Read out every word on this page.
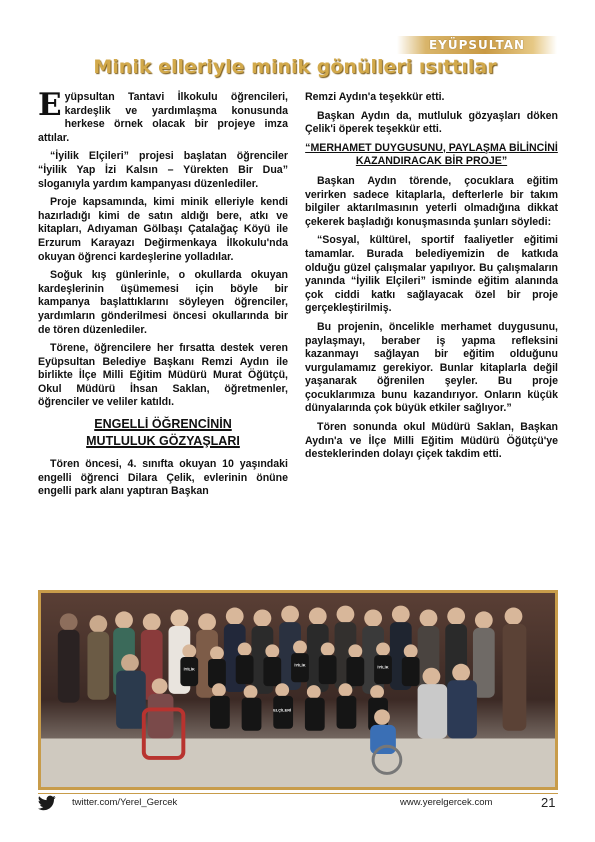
EYÜPSULTAN
Minik elleriyle minik gönülleri ısıttılar

Eyüpsultan Tantavi İlkokulu öğrencileri, kardeşlik ve yardımlaşma konusunda herkese örnek olacak bir projeye imza attılar.

“İyilik Elçileri” projesi başlatan öğrenciler “İyilik Yap İzi Kalsın – Yürekten Bir Dua” sloganıyla yardım kampanyası düzenlediler.

Proje kapsamında, kimi minik elleriyle kendi hazırladığı kimi de satın aldığı bere, atkı ve kitapları, Adıyaman Gölbaşı Çatalağaç Köyü ile Erzurum Karayazı Değirmenkaya İlkokulu'nda okuyan öğrenci kardeşlerine yolladılar.

Soğuk kış günlerinle, o okullarda okuyan kardeşlerinin üşümemesi için böyle bir kampanya başlattıklarını söyleyen öğrenciler, yardımların gönderilmesi öncesi okullarında bir de tören düzenlediler.

Törene, öğrencilere her fırsatta destek veren Eyüpsultan Belediye Başkanı Remzi Aydın ile birlikte İlçe Milli Eğitim Müdürü Murat Öğütçü, Okul Müdürü İhsan Saklan, öğretmenler, öğrenciler ve veliler katıldı.

ENGELLİ ÖĞRENCİNİN
MUTLULUK GÖZYAŞLARI

Tören öncesi, 4. sınıfta okuyan 10 yaşındaki engelli öğrenci Dilara Çelik, evlerinin önüne engelli park alanı yaptıran Başkan

Remzi Aydın'a teşekkür etti.

Başkan Aydın da, mutluluk gözyaşları döken Çelik'i öperek teşekkür etti.

“MERHAMET DUYGUSUNU, PAYLAŞMA BİLİNCİNİ KAZANDIRACAK BİR PROJE”

Başkan Aydın törende, çocuklara eğitim verirken sadece kitaplarla, defterlerle bir takım bilgiler aktarılmasının yeterli olmadığına dikkat çekerek başladığı konuşmasında şunları söyledi:

“Sosyal, kültürel, sportif faaliyetler eğitimi tamamlar. Burada belediyemizin de katkıda olduğu güzel çalışmalar yapılıyor. Bu çalışmaların yanında “İyilik Elçileri” isminde eğitim alanında çok ciddi katkı sağlayacak özel bir proje gerçekleştirilmiş.

Bu projenin, öncelikle merhamet duygusunu, paylaşmayı, beraber iş yapma refleksini kazanmayı sağlayan bir eğitim olduğunu vurgulamamız gerekiyor. Bunlar kitaplarla değil yaşanarak öğrenilen şeyler. Bu proje çocuklarımıza bunu kazandırıyor. Onların küçük dünyalarında çok büyük etkiler sağlıyor.”

Tören sonunda okul Müdürü Saklan, Başkan Aydın'a ve İlçe Milli Eğitim Müdürü Öğütçü'ye desteklerinden dolayı çiçek takdim etti.

İYİLİK
İYİLİK	İYİLİK
ELÇİLERİ
twitter.com/Yerel_Gercek	www.yerelgercek.com	21
